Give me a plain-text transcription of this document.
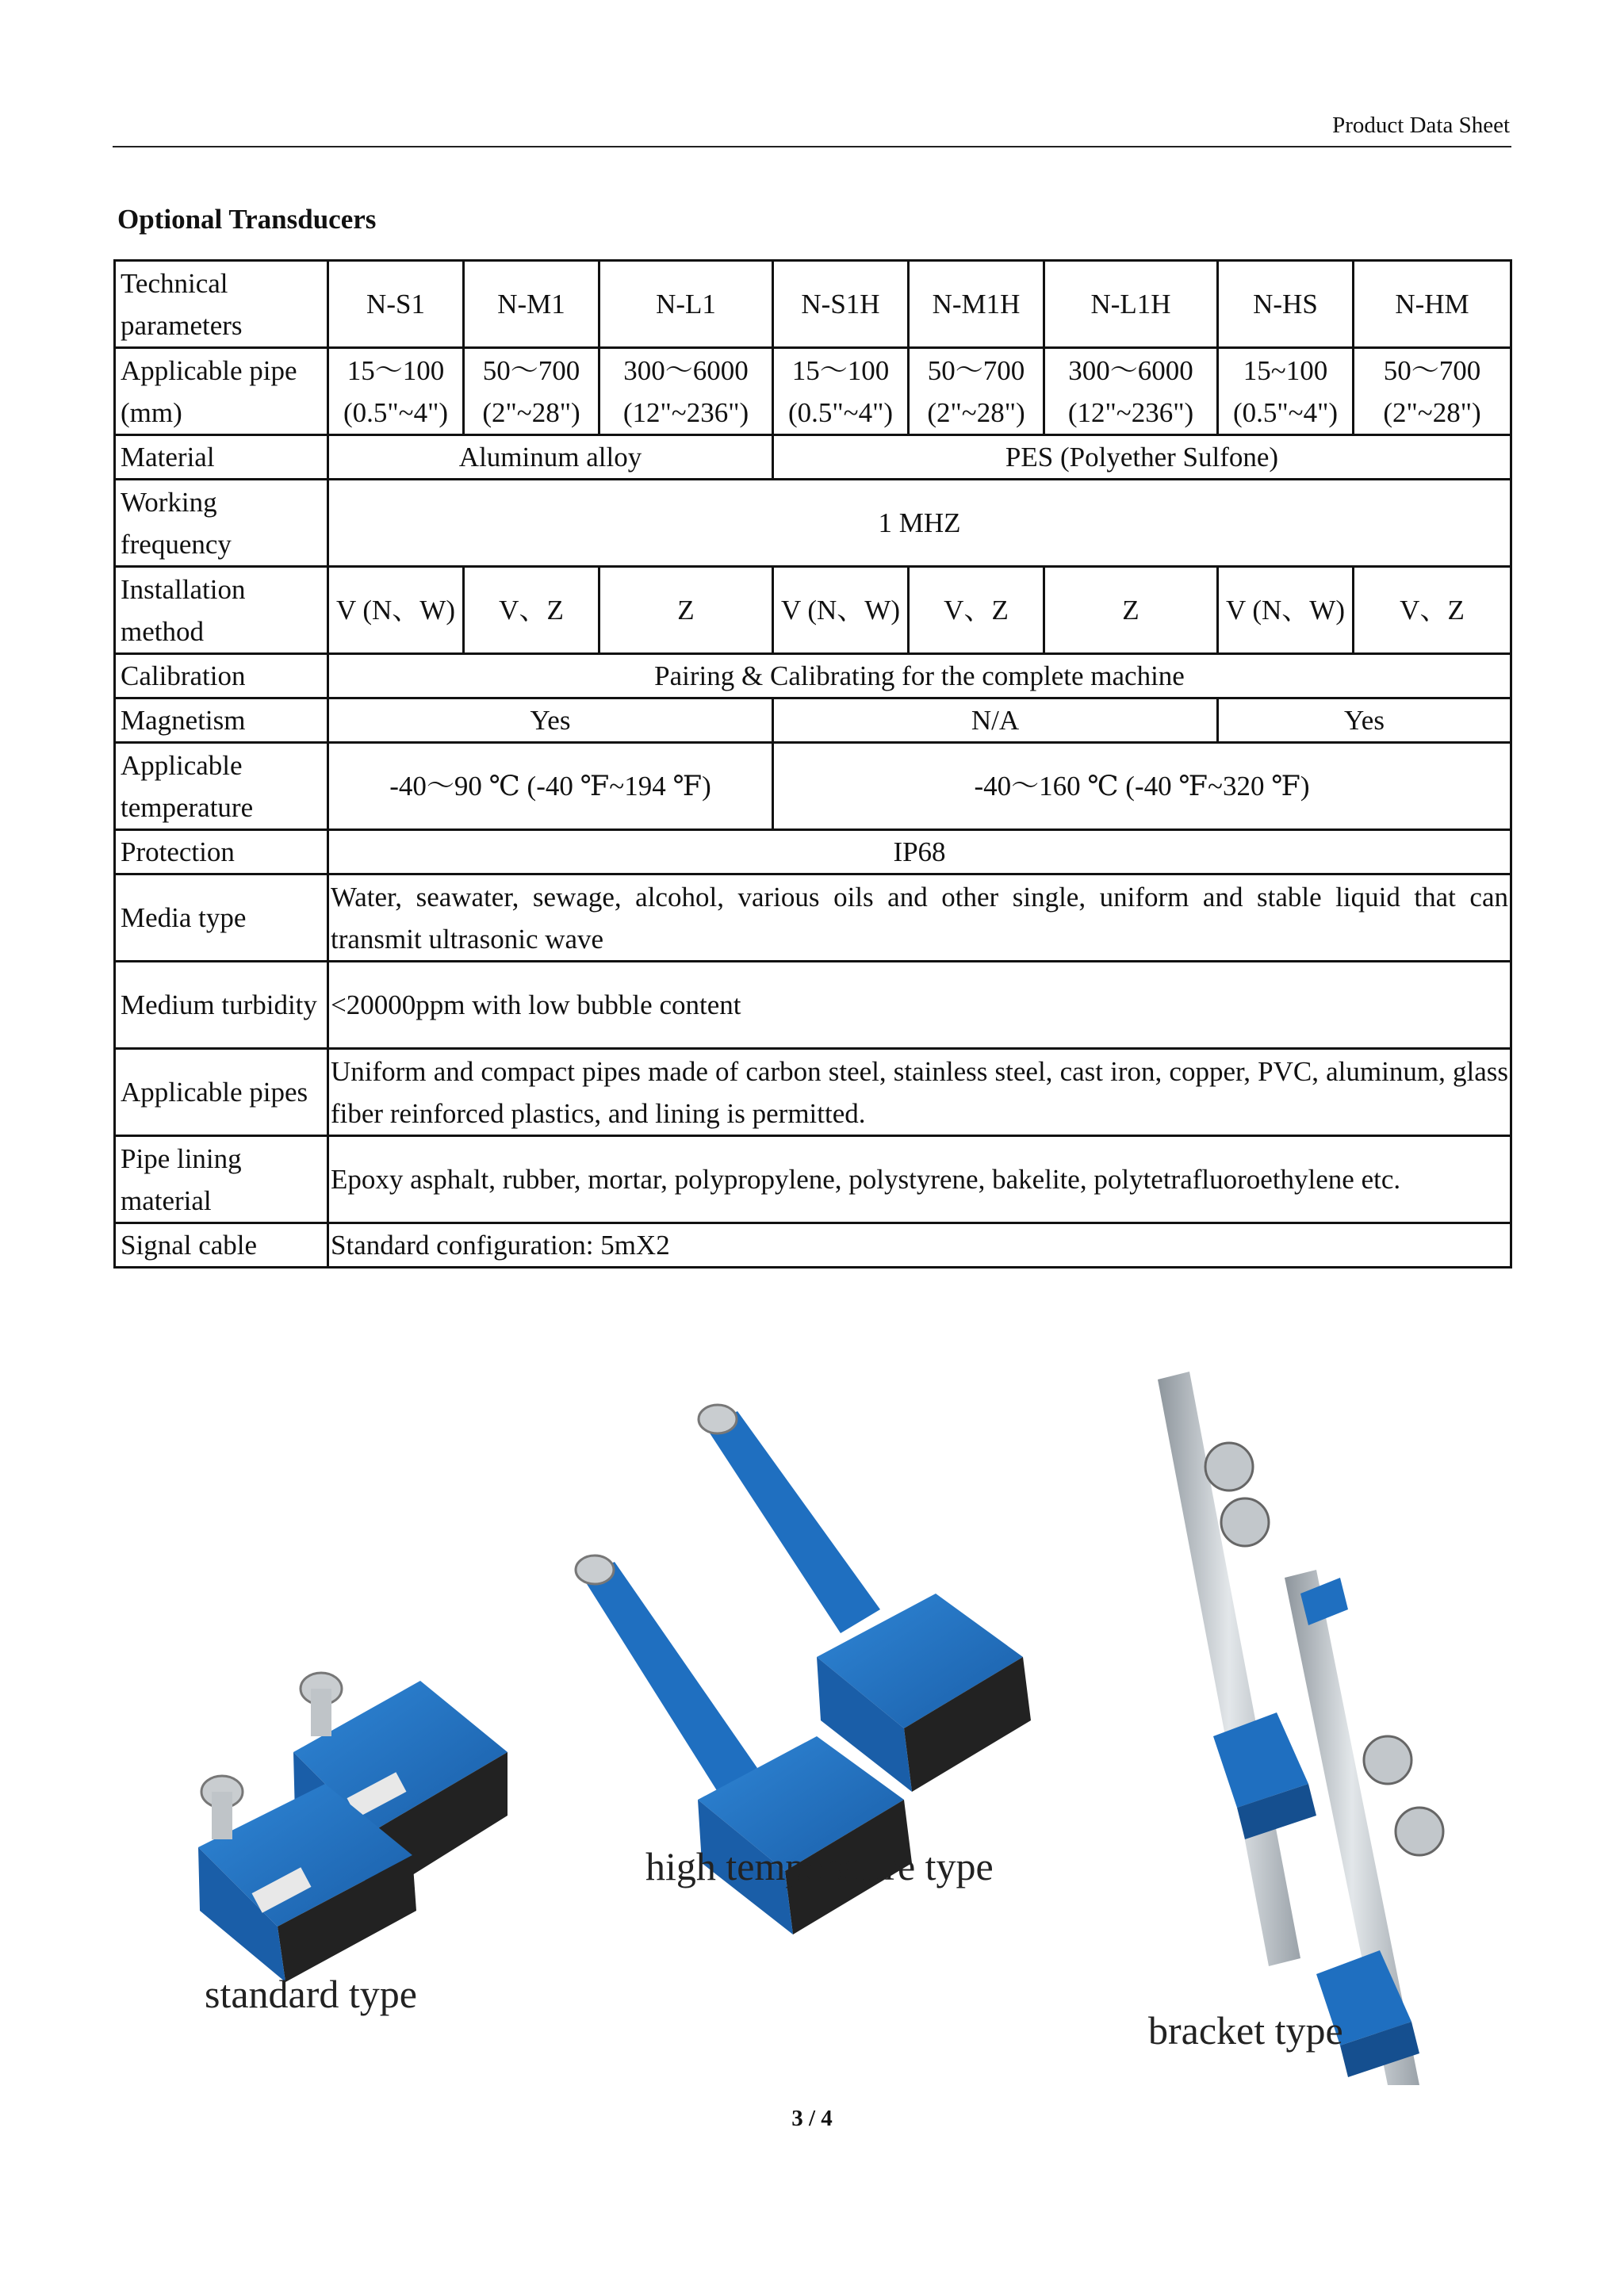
Product Data Sheet
Optional Transducers
Technical parameters	N-S1	N-M1	N-L1	N-S1H	N-M1H	N-L1H	N-HS	N-HM
Applicable pipe (mm)	15～100 (0.5"~4")	50～700 (2"~28")	300～6000 (12"~236")	15～100 (0.5"~4")	50～700 (2"~28")	300～6000 (12"~236")	15~100 (0.5"~4")	50～700 (2"~28")
Material	Aluminum alloy			PES (Polyether Sulfone)				
Working frequency	1 MHZ							
Installation method	V (N、W)	V、Z	Z	V (N、W)	V、Z	Z	V (N、W)	V、Z
Calibration	Pairing & Calibrating for the complete machine							
Magnetism	Yes			N/A			Yes	
Applicable temperature	-40～90 ℃ (-40 ℉~194 ℉)			-40～160 ℃ (-40 ℉~320 ℉)				
Protection	IP68							
Media type	Water, seawater, sewage, alcohol, various oils and other single, uniform and stable liquid that can transmit ultrasonic wave							
Medium turbidity	<20000ppm with low bubble content							
Applicable pipes	Uniform and compact pipes made of carbon steel, stainless steel, cast iron, copper, PVC, aluminum, glass fiber reinforced plastics, and lining is permitted.							
Pipe lining material	Epoxy asphalt, rubber, mortar, polypropylene, polystyrene, bakelite, polytetrafluoroethylene etc.							
Signal cable	Standard configuration: 5mX2							
standard type
high temperature type
bracket type
3 / 4
